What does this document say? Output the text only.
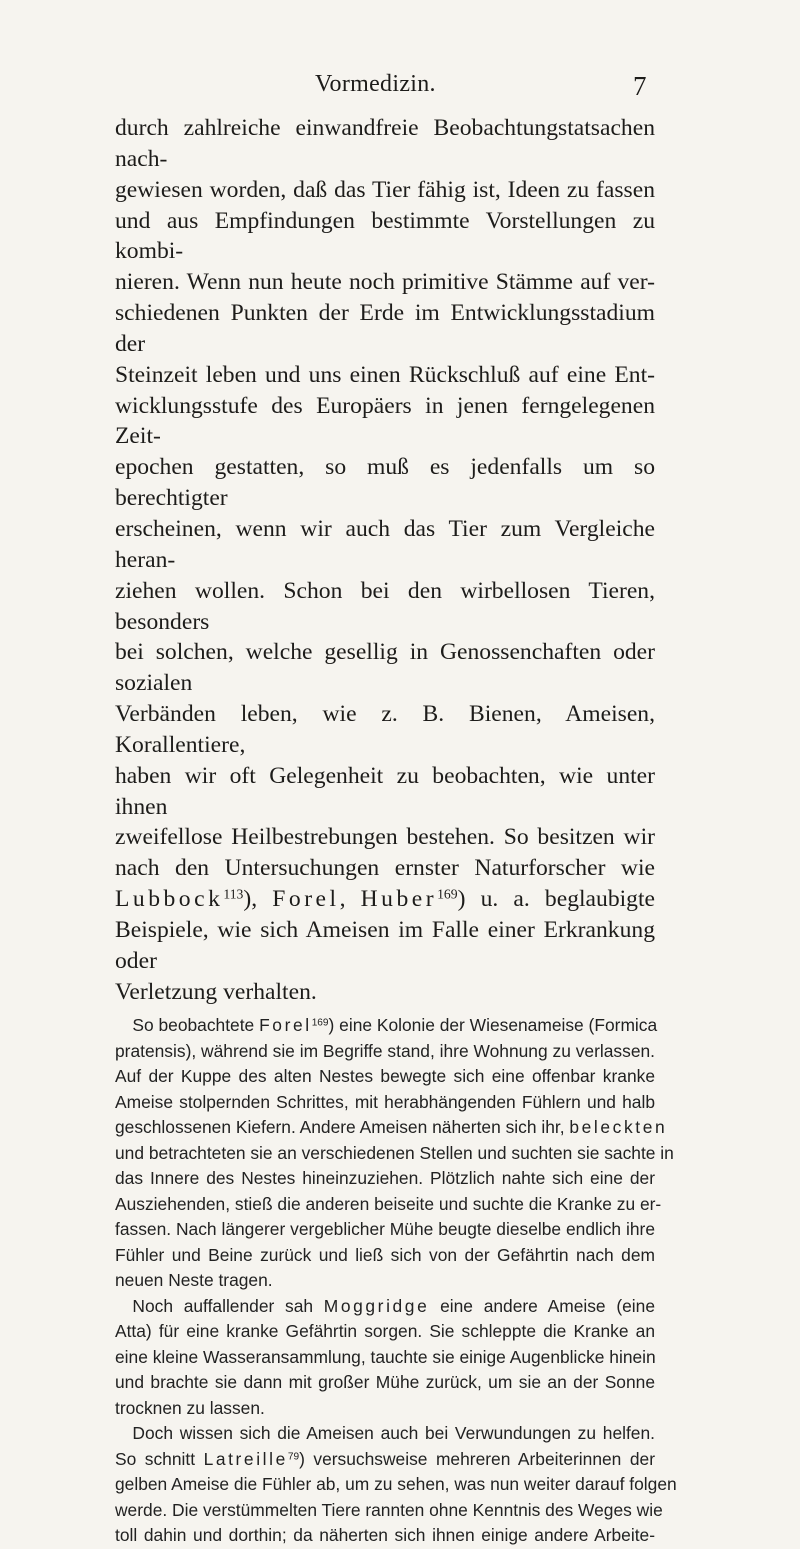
Vormedizin.	7

durch zahlreiche einwandfreie Beobachtungstatsachen nach-
gewiesen worden, daß das Tier fähig ist, Ideen zu fassen
und aus Empfindungen bestimmte Vorstellungen zu kombi-
nieren. Wenn nun heute noch primitive Stämme auf ver-
schiedenen Punkten der Erde im Entwicklungsstadium der
Steinzeit leben und uns einen Rückschluß auf eine Ent-
wicklungsstufe des Europäers in jenen ferngelegenen Zeit-
epochen gestatten, so muß es jedenfalls um so berechtigter
erscheinen, wenn wir auch das Tier zum Vergleiche heran-
ziehen wollen. Schon bei den wirbellosen Tieren, besonders
bei solchen, welche gesellig in Genossenchaften oder sozialen
Verbänden leben, wie z. B. Bienen, Ameisen, Korallentiere,
haben wir oft Gelegenheit zu beobachten, wie unter ihnen
zweifellose Heilbestrebungen bestehen. So besitzen wir
nach den Untersuchungen ernster Naturforscher wie
Lubbock$^{113}$), Forel, Huber$^{169}$) u. a. beglaubigte
Beispiele, wie sich Ameisen im Falle einer Erkrankung oder
Verletzung verhalten.

 So beobachtete Forel$^{169}$) eine Kolonie der Wiesenameise (Formica
pratensis), während sie im Begriffe stand, ihre Wohnung zu verlassen.
Auf der Kuppe des alten Nestes bewegte sich eine offenbar kranke
Ameise stolpernden Schrittes, mit herabhängenden Fühlern und halb
geschlossenen Kiefern. Andere Ameisen näherten sich ihr, beleckten
und betrachteten sie an verschiedenen Stellen und suchten sie sachte in
das Innere des Nestes hineinzuziehen. Plötzlich nahte sich eine der
Ausziehenden, stieß die anderen beiseite und suchte die Kranke zu er-
fassen. Nach längerer vergeblicher Mühe beugte dieselbe endlich ihre
Fühler und Beine zurück und ließ sich von der Gefährtin nach dem
neuen Neste tragen.

 Noch auffallender sah Moggridge eine andere Ameise (eine
Atta) für eine kranke Gefährtin sorgen. Sie schleppte die Kranke an
eine kleine Wasseransammlung, tauchte sie einige Augenblicke hinein
und brachte sie dann mit großer Mühe zurück, um sie an der Sonne
trocknen zu lassen.

 Doch wissen sich die Ameisen auch bei Verwundungen zu helfen.
So schnitt Latreille$^{79}$) versuchsweise mehreren Arbeiterinnen der
gelben Ameise die Fühler ab, um zu sehen, was nun weiter darauf folgen
werde. Die verstümmelten Tiere rannten ohne Kenntnis des Weges wie
toll dahin und dorthin; da näherten sich ihnen einige andere Arbeite-
